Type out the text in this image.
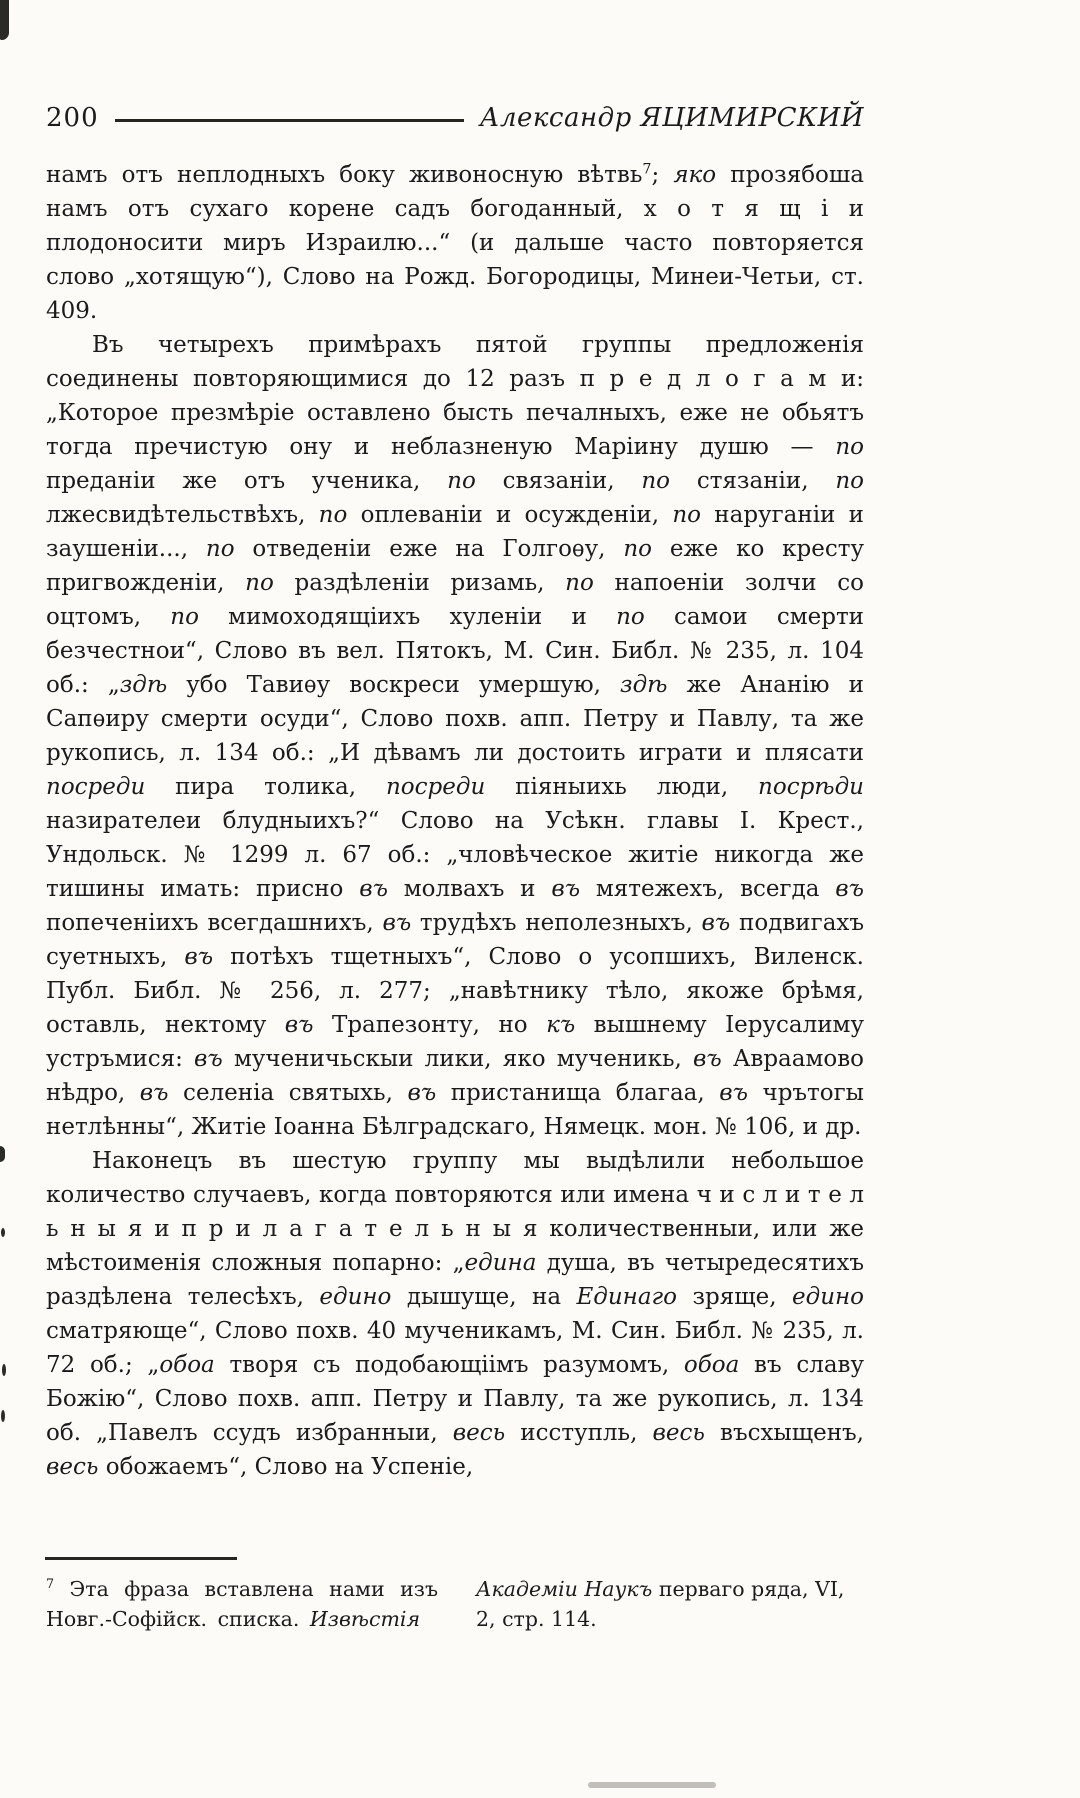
200	Александр ЯЦИМИРСКИЙ

намъ отъ неплодныхъ боку живоносную вѣтвь$^7$; яко прозябоша намъ отъ сухаго корене садъ богоданный, х о т я щ і и плодоносити миръ Израилю...“ (и дальше часто повторяется слово „хотящую“), Слово на Рожд. Богородицы, Минеи-Четьи, ст. 409.

Въ четырехъ примѣрахъ пятой группы предложенія соединены повторяющимися до 12 разъ п р е д л о г а м и: „Которое презмѣріе оставлено бысть печалныхъ, еже не обьятъ тогда пречистую ону и неблазненую Маріину душю — по преданіи же отъ ученика, по связаніи, по стязаніи, по лжесвидѣтельствѣхъ, по оплеваніи и осужденіи, по наруганіи и заушеніи..., по отведеніи еже на Голгоѳу, по еже ко кресту пригвожденіи, по раздѣленіи ризамь, по напоеніи золчи со оцтомъ, по мимоходящіихъ хуленіи и по самои смерти безчестнои“, Слово въ вел. Пятокъ, М. Син. Библ. № 235, л. 104 об.: „здѣ убо Тавиѳу воскреси умершую, здѣ же Ананію и Сапѳиру смерти осуди“, Слово похв. апп. Петру и Павлу, та же рукопись, л. 134 об.: „И дѣвамъ ли достоить играти и плясати посреди пира толика, посреди піяныихь люди, посрѣди назирателеи блудныихъ?“ Слово на Усѣкн. главы І. Крест., Ундольск. № 1299 л. 67 об.: „чловѣческое житіе никогда же тишины имать: присно въ молвахъ и въ мятежехъ, всегда въ попеченіихъ всегдашнихъ, въ трудѣхъ неполезныхъ, въ подвигахъ суетныхъ, въ потѣхъ тщетныхъ“, Слово о усопшихъ, Виленск. Публ. Библ. № 256, л. 277; „навѣтнику тѣло, якоже брѣмя, оставль, нектому въ Трапезонту, но къ вышнему Іерусалиму устръмися: въ мученичьскыи лики, яко мученикь, въ Авраамово нѣдро, въ селеніа святыхь, въ пристанища благаа, въ чрътогы нетлѣнны“, Житіе Іоанна Бѣлградскаго, Нямецк. мон. № 106, и др.

Наконецъ въ шестую группу мы выдѣлили небольшое количество случаевъ, когда повторяются или имена ч и с л и т е л ь н ы я и п р и л а г а т е л ь н ы я количественныи, или же мѣстоименія сложныя попарно: „едина душа, въ четыредесятихъ раздѣлена телесѣхъ, едино дышуще, на Единаго зряще, едино сматряюще“, Слово похв. 40 мученикамъ, М. Син. Библ. № 235, л. 72 об.; „обоа творя съ подобающіімъ разумомъ, обоа въ славу Божію“, Слово похв. апп. Петру и Павлу, та же рукопись, л. 134 об. „Павелъ ссудъ избранныи, весь исступль, весь въсхыщенъ, весь обожаемъ“, Слово на Успеніе,

$^7$ Эта фраза вставлена нами изъ Новг.-Софійск. списка. Извѣстія

Академіи Наукъ перваго ряда, VI, 2, стр. 114.
